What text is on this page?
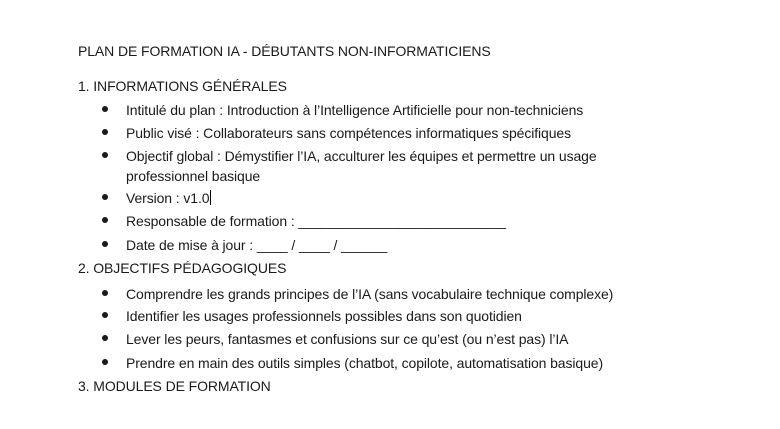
PLAN DE FORMATION IA - DÉBUTANTS NON-INFORMATICIENS
1. INFORMATIONS GÉNÉRALES
Intitulé du plan : Introduction à l’Intelligence Artificielle pour non-techniciens
Public visé : Collaborateurs sans compétences informatiques spécifiques
Objectif global : Démystifier l’IA, acculturer les équipes et permettre un usage professionnel basique
Version : v1.0
Responsable de formation : ___________________________
Date de mise à jour : ____ / ____ / ______
2. OBJECTIFS PÉDAGOGIQUES
Comprendre les grands principes de l’IA (sans vocabulaire technique complexe)
Identifier les usages professionnels possibles dans son quotidien
Lever les peurs, fantasmes et confusions sur ce qu’est (ou n’est pas) l’IA
Prendre en main des outils simples (chatbot, copilote, automatisation basique)
3. MODULES DE FORMATION
